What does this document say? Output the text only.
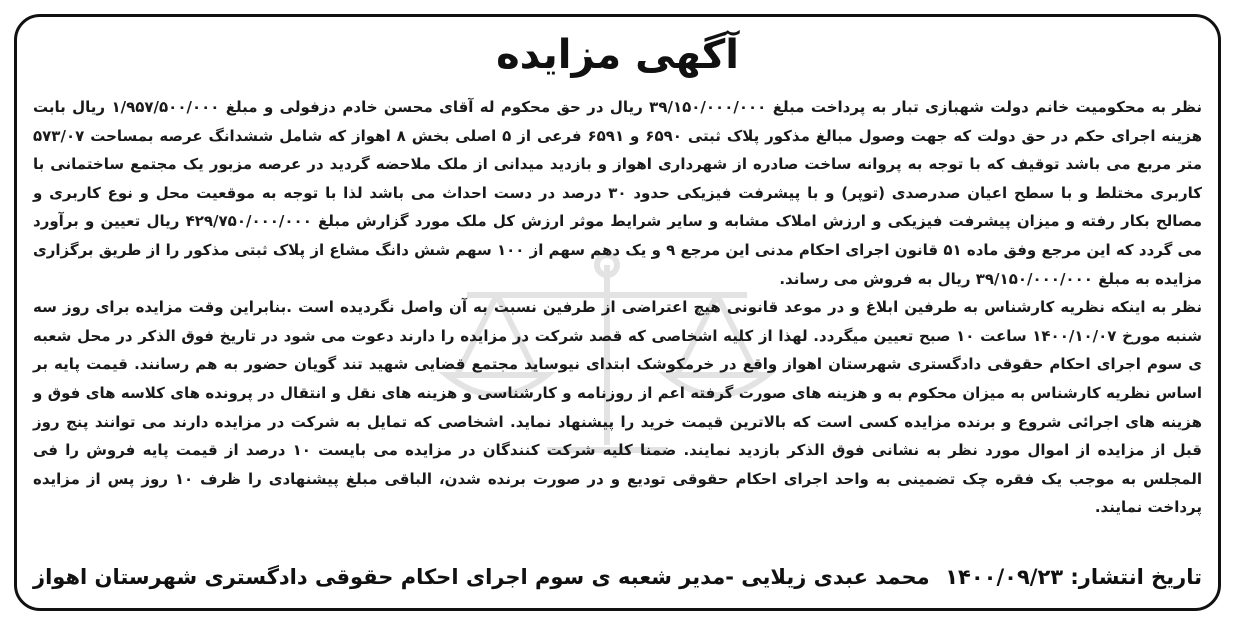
آگهی مزایده

نظر به محکومیت خانم دولت شهبازی تبار به پرداخت مبلغ ۳۹/۱۵۰/۰۰۰/۰۰۰ ریال در حق محکوم له آقای محسن خادم دزفولی و مبلغ ۱/۹۵۷/۵۰۰/۰۰۰ ریال بابت هزینه اجرای حکم در حق دولت که جهت وصول مبالغ مذکور پلاک ثبتی ۶۵۹۰ و ۶۵۹۱ فرعی از ۵ اصلی بخش ۸ اهواز که شامل ششدانگ عرصه بمساحت ۵۷۳/۰۷ متر مربع می باشد توقیف که با توجه به پروانه ساخت صادره از شهرداری اهواز و بازدید میدانی از ملک ملاحضه گردید در عرصه مزبور یک مجتمع ساختمانی با کاربری مختلط و با سطح اعیان صدرصدی (توپر) و با پیشرفت فیزیکی حدود ۳۰ درصد در دست احداث می باشد لذا با توجه به موقعیت محل و نوع کاربری و مصالح بکار رفته و میزان پیشرفت فیزیکی و ارزش املاک مشابه و سایر شرایط موثر ارزش کل ملک مورد گزارش مبلغ ۴۲۹/۷۵۰/۰۰۰/۰۰۰ ریال تعیین و برآورد می گردد که این مرجع وفق ماده ۵۱ قانون اجرای احکام مدنی این مرجع ۹ و یک دهم سهم از ۱۰۰ سهم شش دانگ مشاع از پلاک ثبتی مذکور را از طریق برگزاری مزایده به مبلغ ۳۹/۱۵۰/۰۰۰/۰۰۰ ریال به فروش می رساند.

نظر به اینکه نظریه کارشناس به طرفین ابلاغ و در موعد قانونی هیچ اعتراضی از طرفین نسبت به آن واصل نگردیده است .بنابراین وقت مزایده برای روز سه شنبه مورخ ۱۴۰۰/۱۰/۰۷ ساعت ۱۰ صبح تعیین میگردد. لهذا از کلیه اشخاصی که قصد شرکت در مزایده را دارند دعوت می شود در تاریخ فوق الذکر در محل شعبه ی سوم اجرای احکام حقوقی دادگستری شهرستان اهواز واقع در خرمکوشک ابتدای نیوساید مجتمع قضایی شهید تند گویان حضور به هم رسانند. قیمت پایه بر اساس نظریه کارشناس به میزان محکوم به و هزینه های صورت گرفته اعم از روزنامه و کارشناسی و هزینه های نقل و انتقال در پرونده های کلاسه های فوق و هزینه های اجرائی شروع و برنده مزایده کسی است که بالاترین قیمت خرید را پیشنهاد نماید. اشخاصی که تمایل به شرکت در مزایده دارند می توانند پنج روز قبل از مزایده از اموال مورد نظر به نشانی فوق الذکر بازدید نمایند. ضمنا کلیه شرکت کنندگان در مزایده می بایست ۱۰ درصد از قیمت پایه فروش را فی المجلس به موجب یک فقره چک تضمینی به واحد اجرای احکام حقوقی تودیع و در صورت برنده شدن، الباقی مبلغ پیشنهادی را ظرف ۱۰ روز پس از مزایده پرداخت نمایند.

تاریخ انتشار: ۱۴۰۰/۰۹/۲۳
محمد عبدی زیلایی -مدیر شعبه ی سوم اجرای احکام حقوقی دادگستری شهرستان اهواز
